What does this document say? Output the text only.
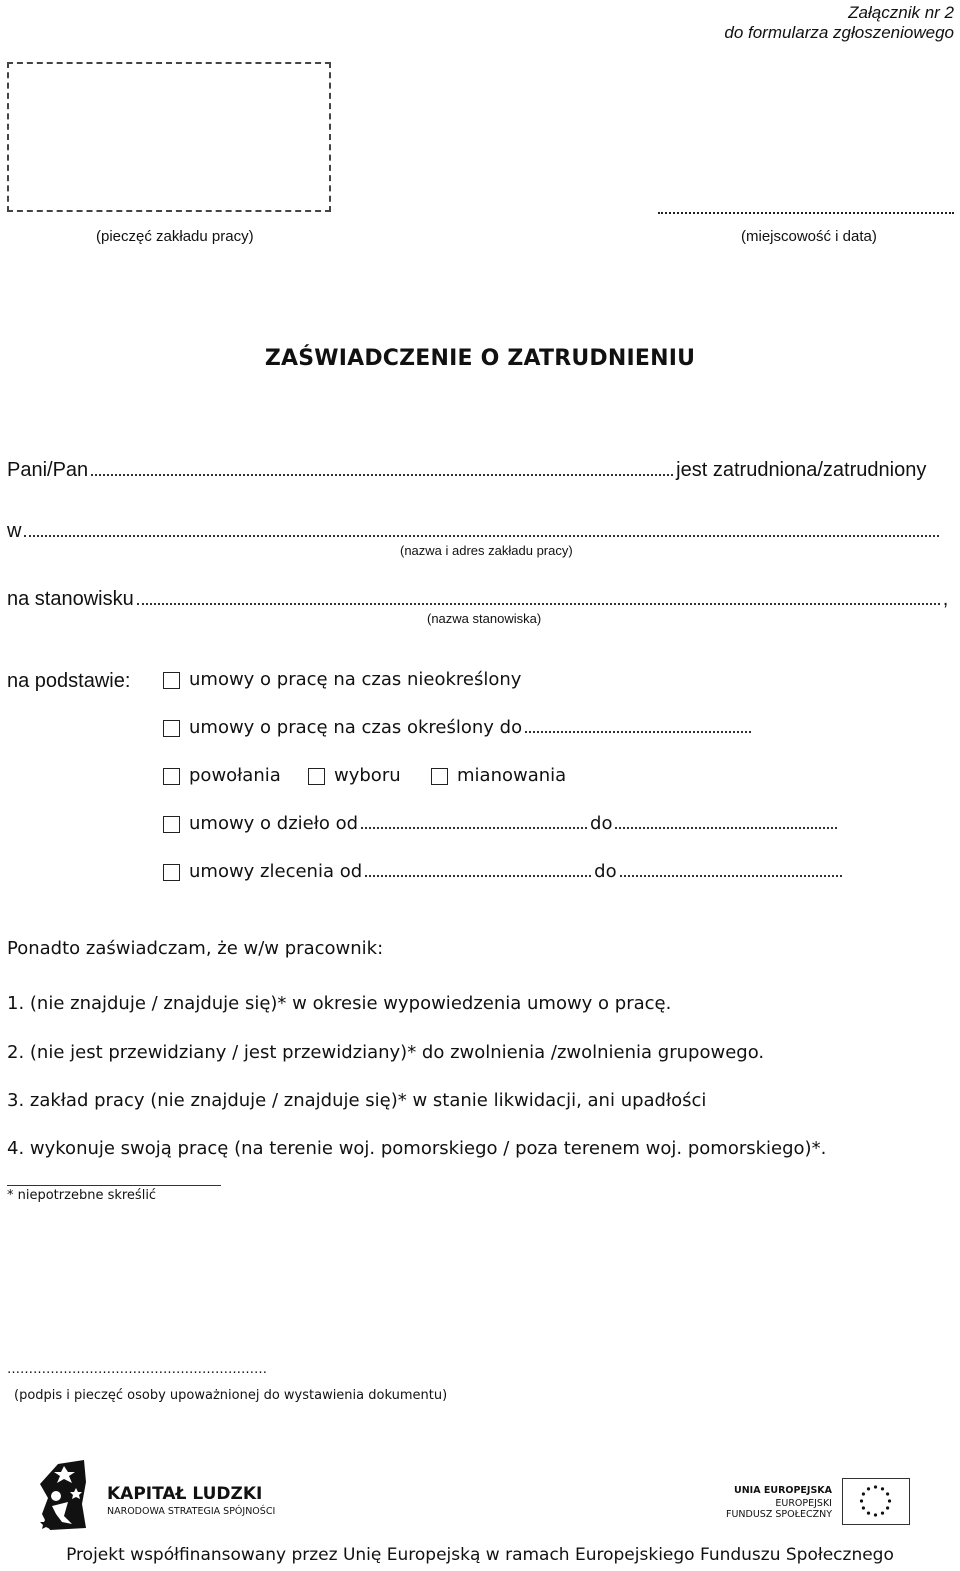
Załącznik nr 2
do formularza zgłoszeniowego
(pieczęć zakładu pracy)	(miejscowość i data)
ZAŚWIADCZENIE O ZATRUDNIENIU
Pani/Pan	jest zatrudniona/zatrudniony
w
(nazwa i adres zakładu pracy)
na stanowisku	,
(nazwa stanowiska)
na podstawie:	umowy o pracę na czas nieokreślony
umowy o pracę na czas określony do
powołania	wyboru	mianowania
umowy o dzieło od	do
umowy zlecenia od	do
Ponadto zaświadczam, że w/w pracownik:
1. (nie znajduje / znajduje się)* w okresie wypowiedzenia umowy o pracę.
2. (nie jest przewidziany / jest przewidziany)* do zwolnienia /zwolnienia grupowego.
3. zakład pracy (nie znajduje / znajduje się)* w stanie likwidacji, ani upadłości
4. wykonuje swoją pracę (na terenie woj. pomorskiego / poza terenem woj. pomorskiego)*.
* niepotrzebne skreślić
……………………………………………………
(podpis i pieczęć osoby upoważnionej do wystawienia dokumentu)
KAPITAŁ LUDZKI
NARODOWA STRATEGIA SPÓJNOŚCI
UNIA EUROPEJSKA
EUROPEJSKI
FUNDUSZ SPOŁECZNY
Projekt współfinansowany przez Unię Europejską w ramach Europejskiego Funduszu Społecznego
